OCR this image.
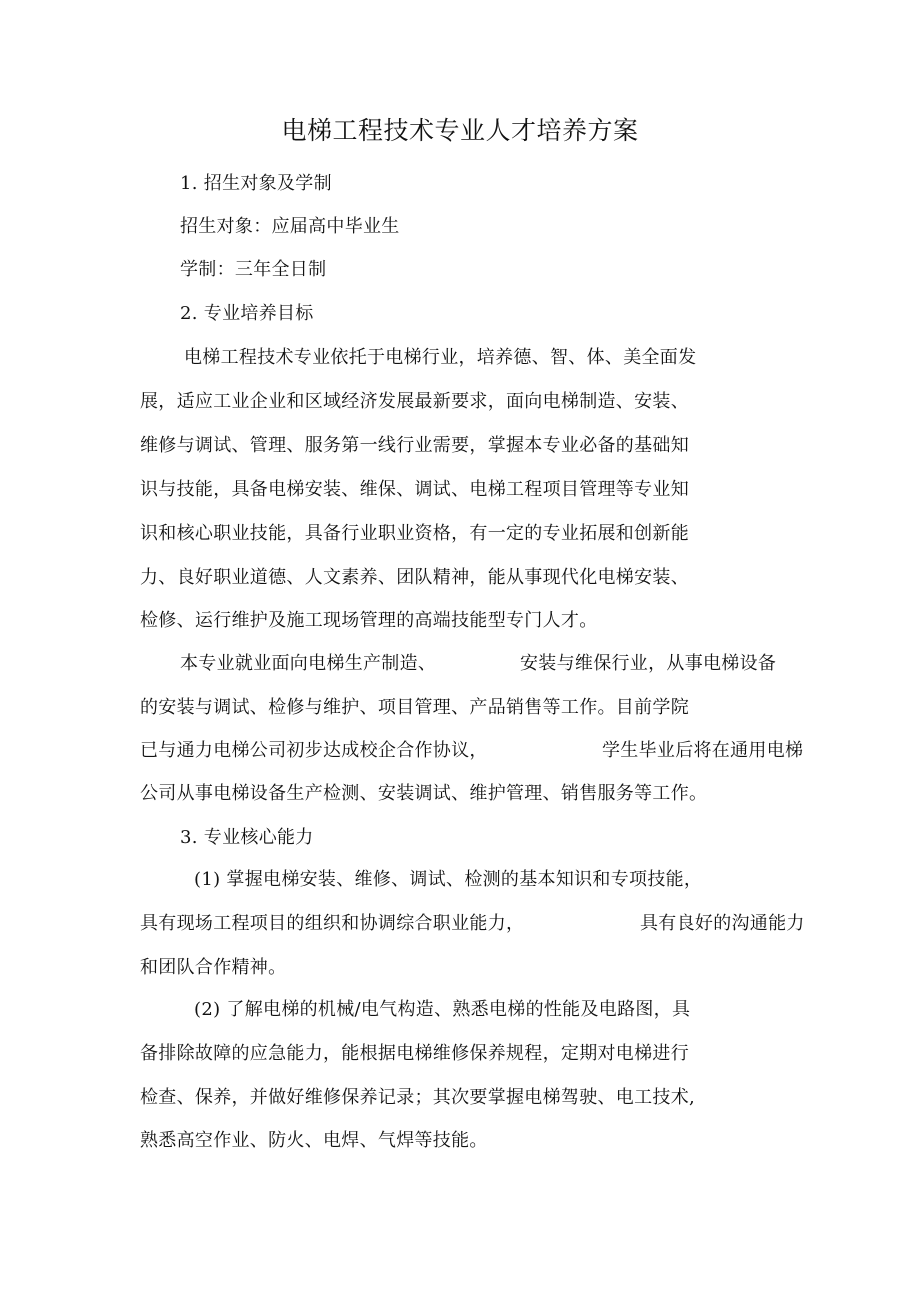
电梯工程技术专业人才培养方案
1. 招生对象及学制
招生对象：应届高中毕业生
学制：三年全日制
2. 专业培养目标
电梯工程技术专业依托于电梯行业，培养德、智、体、美全面发
展，适应工业企业和区域经济发展最新要求，面向电梯制造、安装、
维修与调试、管理、服务第一线行业需要，掌握本专业必备的基础知
识与技能，具备电梯安装、维保、调试、电梯工程项目管理等专业知
识和核心职业技能，具备行业职业资格，有一定的专业拓展和创新能
力、良好职业道德、人文素养、团队精神，能从事现代化电梯安装、
检修、运行维护及施工现场管理的高端技能型专门人才。
本专业就业面向电梯生产制造、	安装与维保行业，从事电梯设备
的安装与调试、检修与维护、项目管理、产品销售等工作。目前学院
已与通力电梯公司初步达成校企合作协议，	学生毕业后将在通用电梯
公司从事电梯设备生产检测、安装调试、维护管理、销售服务等工作。
3. 专业核心能力
(1) 掌握电梯安装、维修、调试、检测的基本知识和专项技能，
具有现场工程项目的组织和协调综合职业能力，	具有良好的沟通能力
和团队合作精神。
(2) 了解电梯的机械/电气构造、熟悉电梯的性能及电路图，具
备排除故障的应急能力，能根据电梯维修保养规程，定期对电梯进行
检查、保养，并做好维修保养记录；其次要掌握电梯驾驶、电工技术,
熟悉高空作业、防火、电焊、气焊等技能。
